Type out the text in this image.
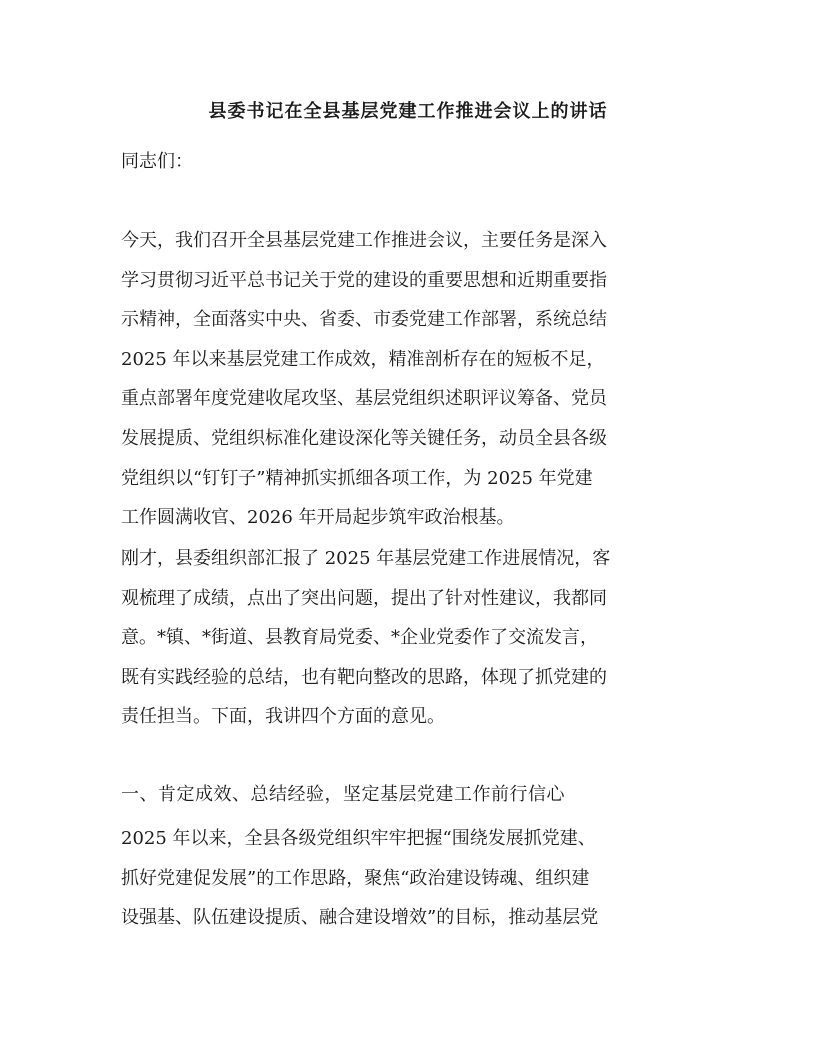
县委书记在全县基层党建工作推进会议上的讲话
同志们：
今天，我们召开全县基层党建工作推进会议，主要任务是深入
学习贯彻习近平总书记关于党的建设的重要思想和近期重要指
示精神，全面落实中央、省委、市委党建工作部署，系统总结
2025 年以来基层党建工作成效，精准剖析存在的短板不足，
重点部署年度党建收尾攻坚、基层党组织述职评议筹备、党员
发展提质、党组织标准化建设深化等关键任务，动员全县各级
党组织以“钉钉子”精神抓实抓细各项工作，为 2025 年党建
工作圆满收官、2026 年开局起步筑牢政治根基。
刚才，县委组织部汇报了 2025 年基层党建工作进展情况，客
观梳理了成绩，点出了突出问题，提出了针对性建议，我都同
意。*镇、*街道、县教育局党委、*企业党委作了交流发言，
既有实践经验的总结，也有靶向整改的思路，体现了抓党建的
责任担当。下面，我讲四个方面的意见。
一、肯定成效、总结经验，坚定基层党建工作前行信心
2025 年以来，全县各级党组织牢牢把握“围绕发展抓党建、
抓好党建促发展”的工作思路，聚焦“政治建设铸魂、组织建
设强基、队伍建设提质、融合建设增效”的目标，推动基层党
